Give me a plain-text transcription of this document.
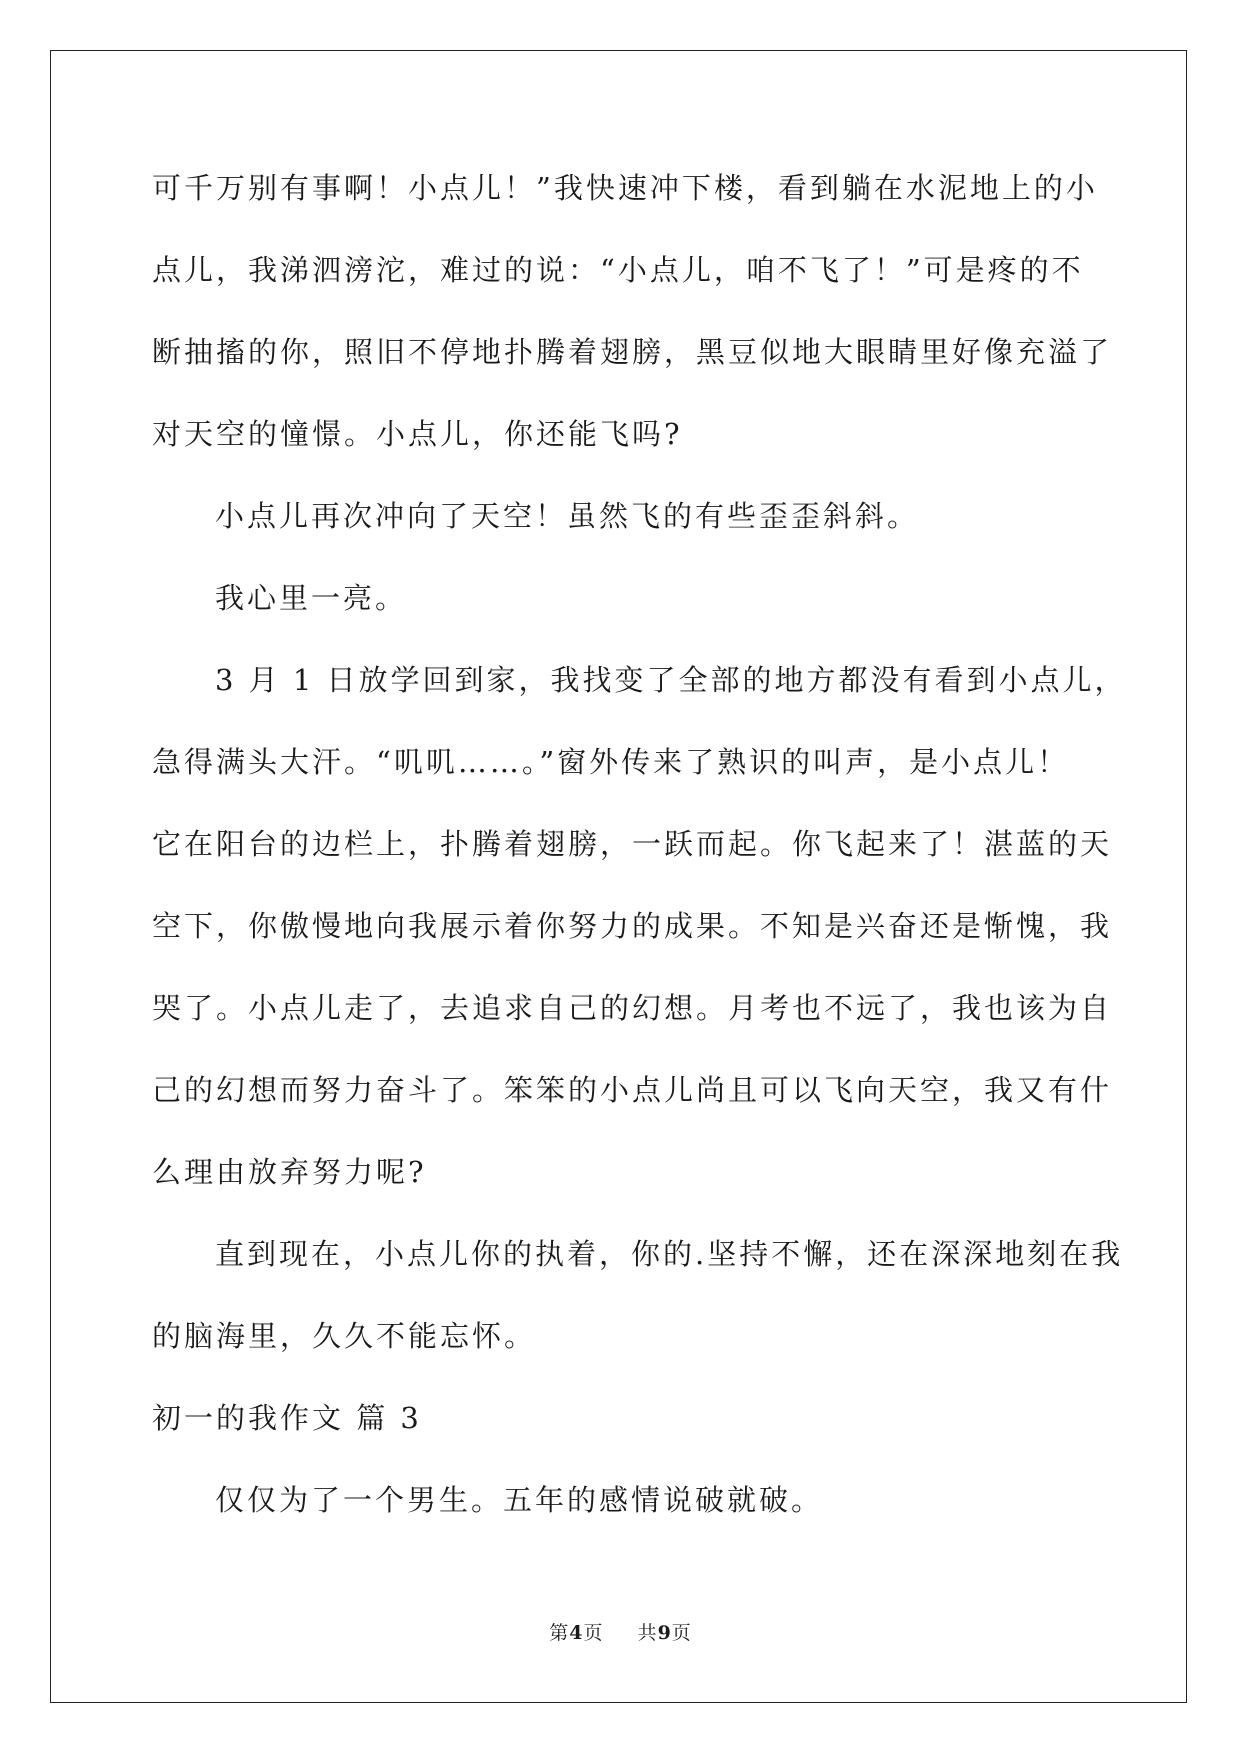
可千万别有事啊！小点儿！”我快速冲下楼，看到躺在水泥地上的小
点儿，我涕泗滂沱，难过的说：“小点儿，咱不飞了！”可是疼的不
断抽搐的你，照旧不停地扑腾着翅膀，黑豆似地大眼睛里好像充溢了
对天空的憧憬。小点儿，你还能飞吗?
小点儿再次冲向了天空！虽然飞的有些歪歪斜斜。
我心里一亮。
3 月 1 日放学回到家，我找变了全部的地方都没有看到小点儿，
急得满头大汗。“叽叽……。”窗外传来了熟识的叫声，是小点儿！
它在阳台的边栏上，扑腾着翅膀，一跃而起。你飞起来了！湛蓝的天
空下，你傲慢地向我展示着你努力的成果。不知是兴奋还是惭愧，我
哭了。小点儿走了，去追求自己的幻想。月考也不远了，我也该为自
己的幻想而努力奋斗了。笨笨的小点儿尚且可以飞向天空，我又有什
么理由放弃努力呢?
直到现在，小点儿你的执着，你的.坚持不懈，还在深深地刻在我
的脑海里，久久不能忘怀。
初一的我作文 篇 3
仅仅为了一个男生。五年的感情说破就破。
第4页 共9页
